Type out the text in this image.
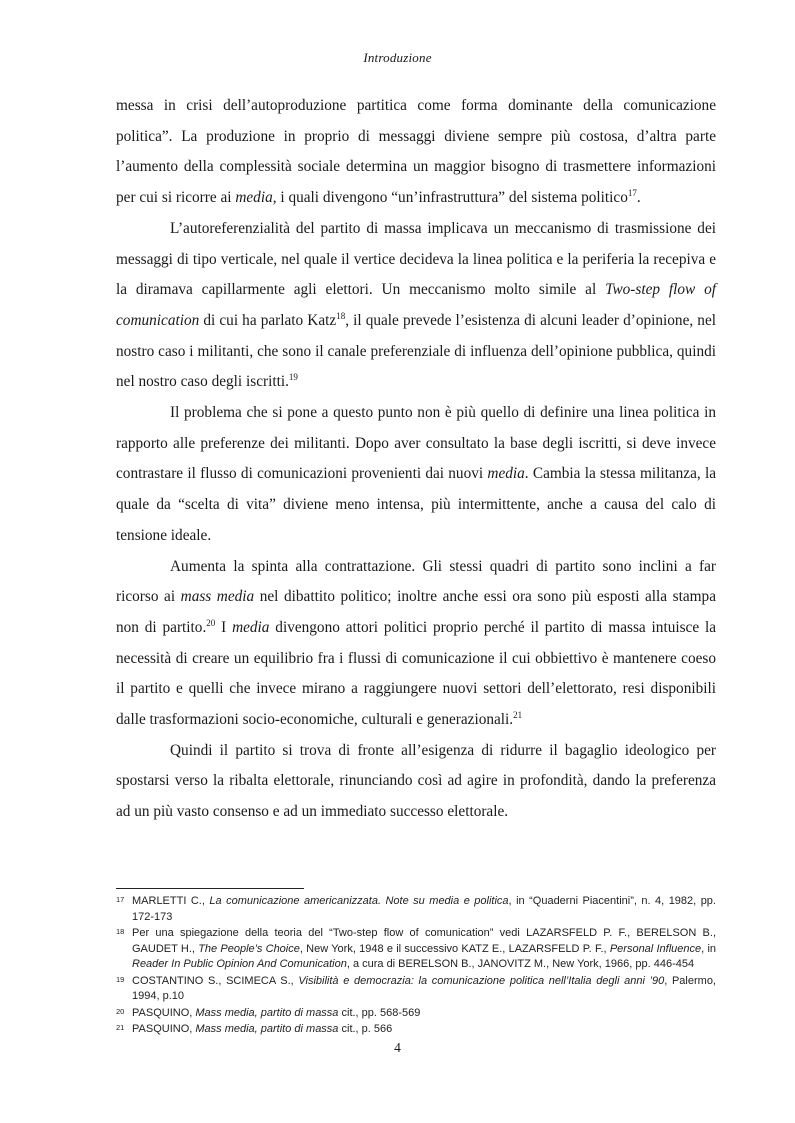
Introduzione

messa in crisi dell’autoproduzione partitica come forma dominante della comunicazione politica”. La produzione in proprio di messaggi diviene sempre più costosa, d’altra parte l’aumento della complessità sociale determina un maggior bisogno di trasmettere informazioni per cui si ricorre ai media, i quali divengono “un’infrastruttura” del sistema politico$^{17}$.

L’autoreferenzialità del partito di massa implicava un meccanismo di trasmissione dei messaggi di tipo verticale, nel quale il vertice decideva la linea politica e la periferia la recepiva e la diramava capillarmente agli elettori. Un meccanismo molto simile al Two-step flow of comunication di cui ha parlato Katz$^{18}$, il quale prevede l’esistenza di alcuni leader d’opinione, nel nostro caso i militanti, che sono il canale preferenziale di influenza dell’opinione pubblica, quindi nel nostro caso degli iscritti.$^{19}$

Il problema che si pone a questo punto non è più quello di definire una linea politica in rapporto alle preferenze dei militanti. Dopo aver consultato la base degli iscritti, si deve invece contrastare il flusso di comunicazioni provenienti dai nuovi media. Cambia la stessa militanza, la quale da “scelta di vita” diviene meno intensa, più intermittente, anche a causa del calo di tensione ideale.

Aumenta la spinta alla contrattazione. Gli stessi quadri di partito sono inclini a far ricorso ai mass media nel dibattito politico; inoltre anche essi ora sono più esposti alla stampa non di partito.$^{20}$ I media divengono attori politici proprio perché il partito di massa intuisce la necessità di creare un equilibrio fra i flussi di comunicazione il cui obbiettivo è mantenere coeso il partito e quelli che invece mirano a raggiungere nuovi settori dell’elettorato, resi disponibili dalle trasformazioni socio-economiche, culturali e generazionali.$^{21}$

Quindi il partito si trova di fronte all’esigenza di ridurre il bagaglio ideologico per spostarsi verso la ribalta elettorale, rinunciando così ad agire in profondità, dando la preferenza ad un più vasto consenso e ad un immediato successo elettorale.

17 MARLETTI C., La comunicazione americanizzata. Note su media e politica, in “Quaderni Piacentini”, n. 4, 1982, pp. 172-173
18 Per una spiegazione della teoria del “Two-step flow of comunication” vedi LAZARSFELD P. F., BERELSON B., GAUDET H., The People’s Choice, New York, 1948 e il successivo KATZ E., LAZARSFELD P. F., Personal Influence, in Reader In Public Opinion And Comunication, a cura di BERELSON B., JANOVITZ M., New York, 1966, pp. 446-454
19 COSTANTINO S., SCIMECA S., Visibilità e democrazia: la comunicazione politica nell’Italia degli anni ’90, Palermo, 1994, p.10
20 PASQUINO, Mass media, partito di massa cit., pp. 568-569
21 PASQUINO, Mass media, partito di massa cit., p. 566
4
